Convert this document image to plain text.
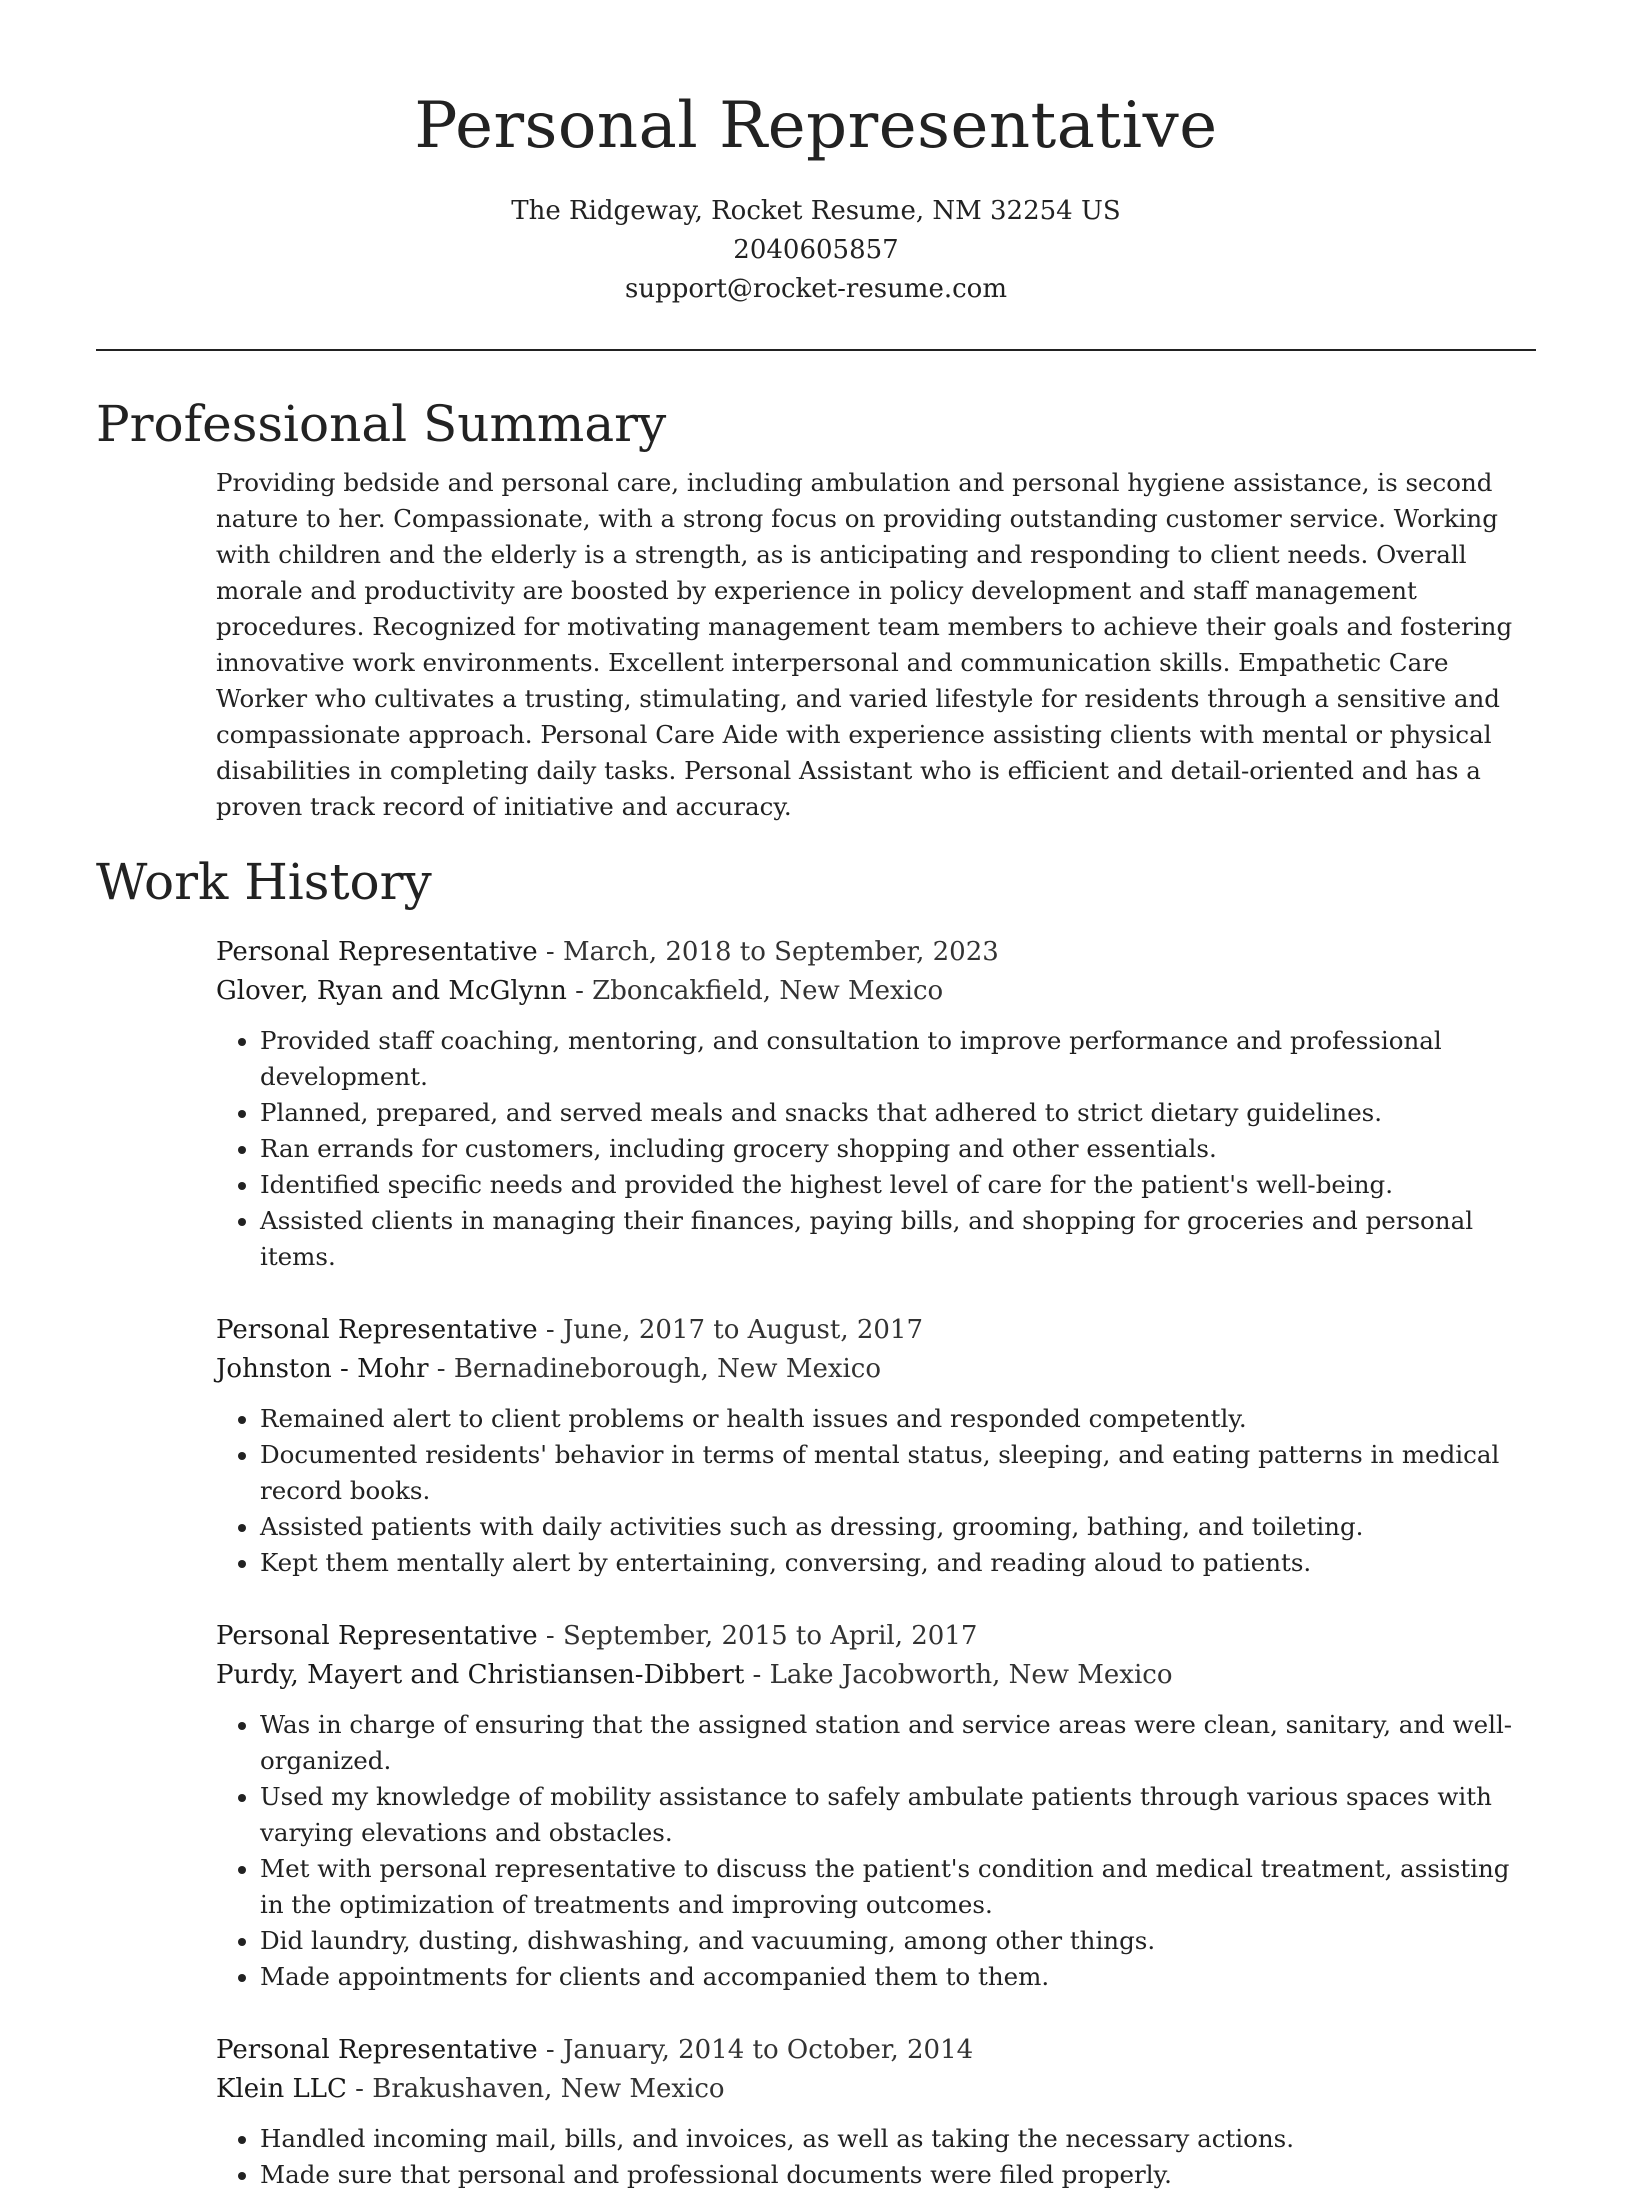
Personal Representative
The Ridgeway, Rocket Resume, NM 32254 US
2040605857
support@rocket-resume.com
Professional Summary

Providing bedside and personal care, including ambulation and personal hygiene assistance, is second nature to her. Compassionate, with a strong focus on providing outstanding customer service. Working with children and the elderly is a strength, as is anticipating and responding to client needs. Overall morale and productivity are boosted by experience in policy development and staff management procedures. Recognized for motivating management team members to achieve their goals and fostering innovative work environments. Excellent interpersonal and communication skills. Empathetic Care Worker who cultivates a trusting, stimulating, and varied lifestyle for residents through a sensitive and compassionate approach. Personal Care Aide with experience assisting clients with mental or physical disabilities in completing daily tasks. Personal Assistant who is efficient and detail-oriented and has a proven track record of initiative and accuracy.

Work History
Personal Representative - March, 2018 to September, 2023
Glover, Ryan and McGlynn - Zboncakfield, New Mexico
• Provided staff coaching, mentoring, and consultation to improve performance and professional development.
• Planned, prepared, and served meals and snacks that adhered to strict dietary guidelines.
• Ran errands for customers, including grocery shopping and other essentials.
• Identified specific needs and provided the highest level of care for the patient's well-being.
• Assisted clients in managing their finances, paying bills, and shopping for groceries and personal items.
Personal Representative - June, 2017 to August, 2017
Johnston - Mohr - Bernadineborough, New Mexico
• Remained alert to client problems or health issues and responded competently.
• Documented residents' behavior in terms of mental status, sleeping, and eating patterns in medical record books.
• Assisted patients with daily activities such as dressing, grooming, bathing, and toileting.
• Kept them mentally alert by entertaining, conversing, and reading aloud to patients.
Personal Representative - September, 2015 to April, 2017
Purdy, Mayert and Christiansen-Dibbert - Lake Jacobworth, New Mexico
• Was in charge of ensuring that the assigned station and service areas were clean, sanitary, and well-organized.
• Used my knowledge of mobility assistance to safely ambulate patients through various spaces with varying elevations and obstacles.
• Met with personal representative to discuss the patient's condition and medical treatment, assisting in the optimization of treatments and improving outcomes.
• Did laundry, dusting, dishwashing, and vacuuming, among other things.
• Made appointments for clients and accompanied them to them.
Personal Representative - January, 2014 to October, 2014
Klein LLC - Brakushaven, New Mexico
• Handled incoming mail, bills, and invoices, as well as taking the necessary actions.
• Made sure that personal and professional documents were filed properly.
